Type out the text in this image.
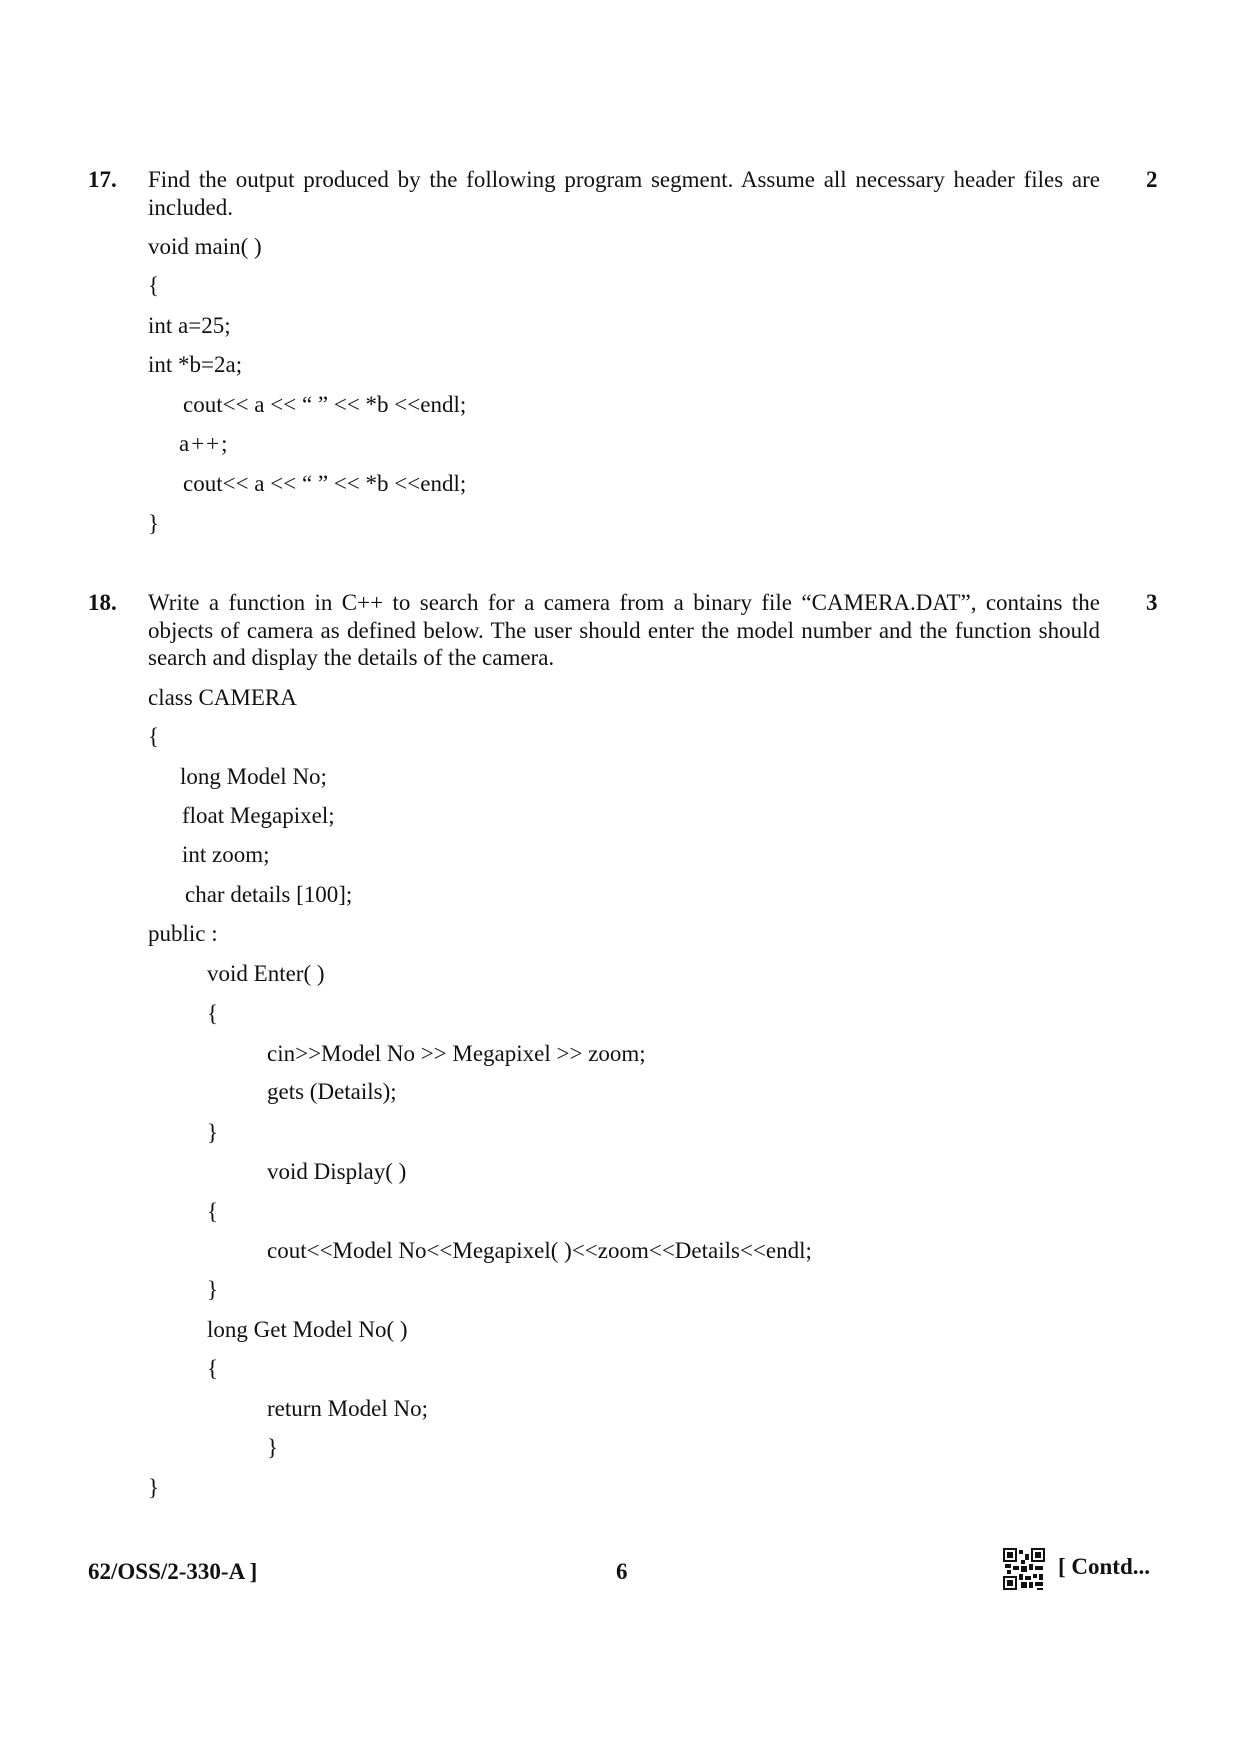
17. Find the output produced by the following program segment. Assume all necessary header files are included.
2
void main( )
{
int a=25;
int *b=2a;
cout<< a << “ ” << *b <<endl;
a++;
cout<< a << “ ” << *b <<endl;
}
18. Write a function in C++ to search for a camera from a binary file “CAMERA.DAT”, contains the objects of camera as defined below. The user should enter the model number and the function should search and display the details of the camera.
3
class CAMERA
{
long Model No;
float Megapixel;
int zoom;
char details [100];
public :
void Enter( )
{
cin>>Model No >> Megapixel >> zoom;
gets (Details);
}
void Display( )
{
cout<<Model No<<Megapixel( )<<zoom<<Details<<endl;
}
long Get Model No( )
{
return Model No;
}
}
62/OSS/2-330-A ]	6	[ Contd...
